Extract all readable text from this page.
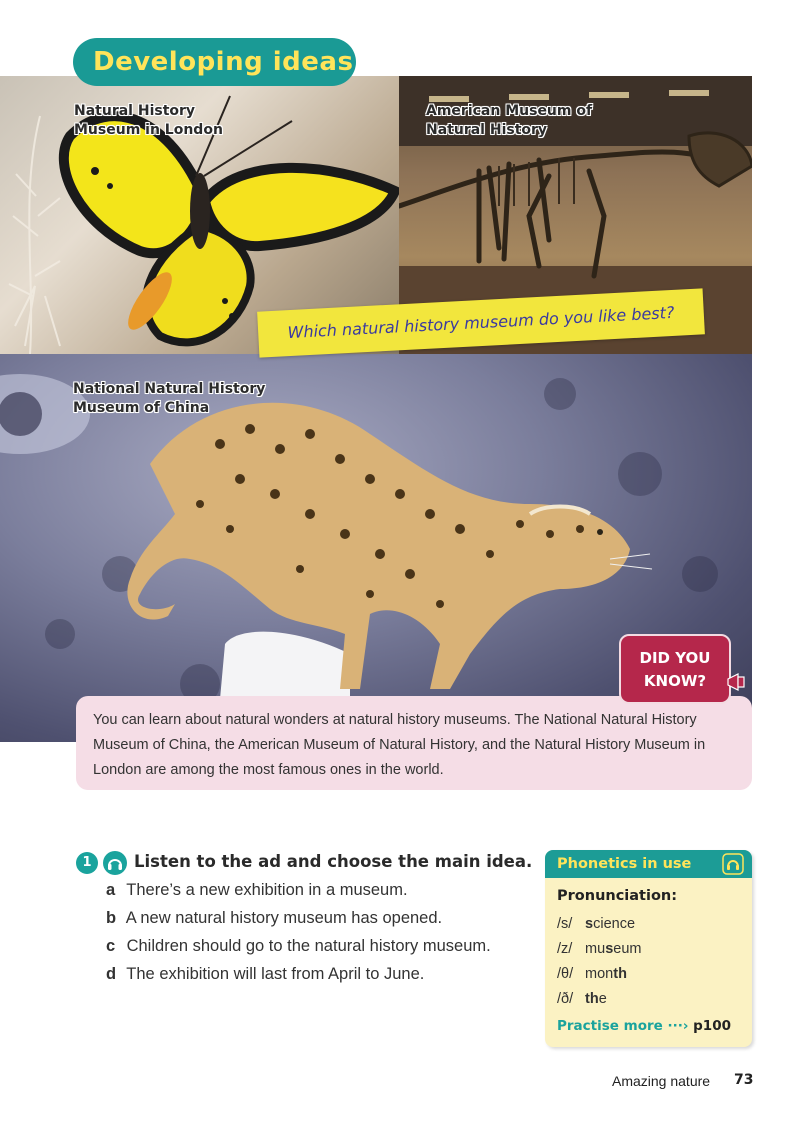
Developing ideas
Natural History Museum in London
American Museum of Natural History
Which natural history museum do you like best?
National Natural History Museum of China
DID YOU
KNOW?
You can learn about natural wonders at natural history museums. The National Natural History Museum of China, the American Museum of Natural History, and the Natural History Museum in London are among the most famous ones in the world.
1	Listen to the ad and choose the main idea.
a There’s a new exhibition in a museum.
b A new natural history museum has opened.
c Children should go to the natural history museum.
d The exhibition will last from April to June.
Phonetics in use
Pronunciation:
/s/ science
/z/ museum
/θ/ month
/ð/ the
Practise more ···› p100
Amazing nature 73
